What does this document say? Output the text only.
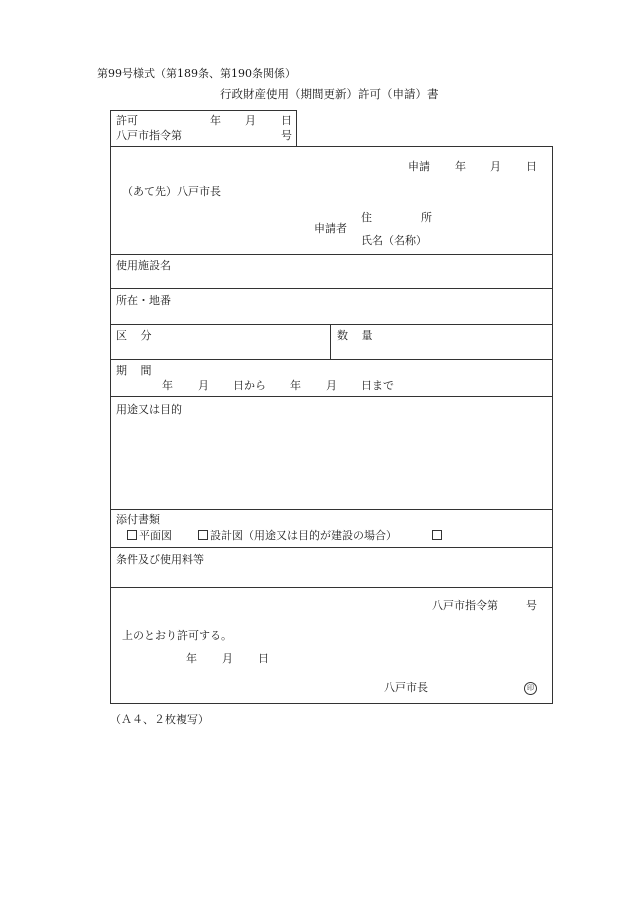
第99号様式（第189条、第190条関係）
行政財産使用（期間更新）許可（申請）書
許可	年 月 日
八戸市指令第	号
申請 年 月 日
（あて先）八戸市長
住	所
申請者
氏名（名称）
使用施設名
所在・地番
区 分	数 量
期 間
年 月 日から 年 月 日まで
用途又は目的
添付書類
平面図	設計図（用途又は目的が建設の場合）
条件及び使用料等
八戸市指令第	号
上のとおり許可する。
年 月 日
八戸市長	印
（Ａ４、２枚複写）
